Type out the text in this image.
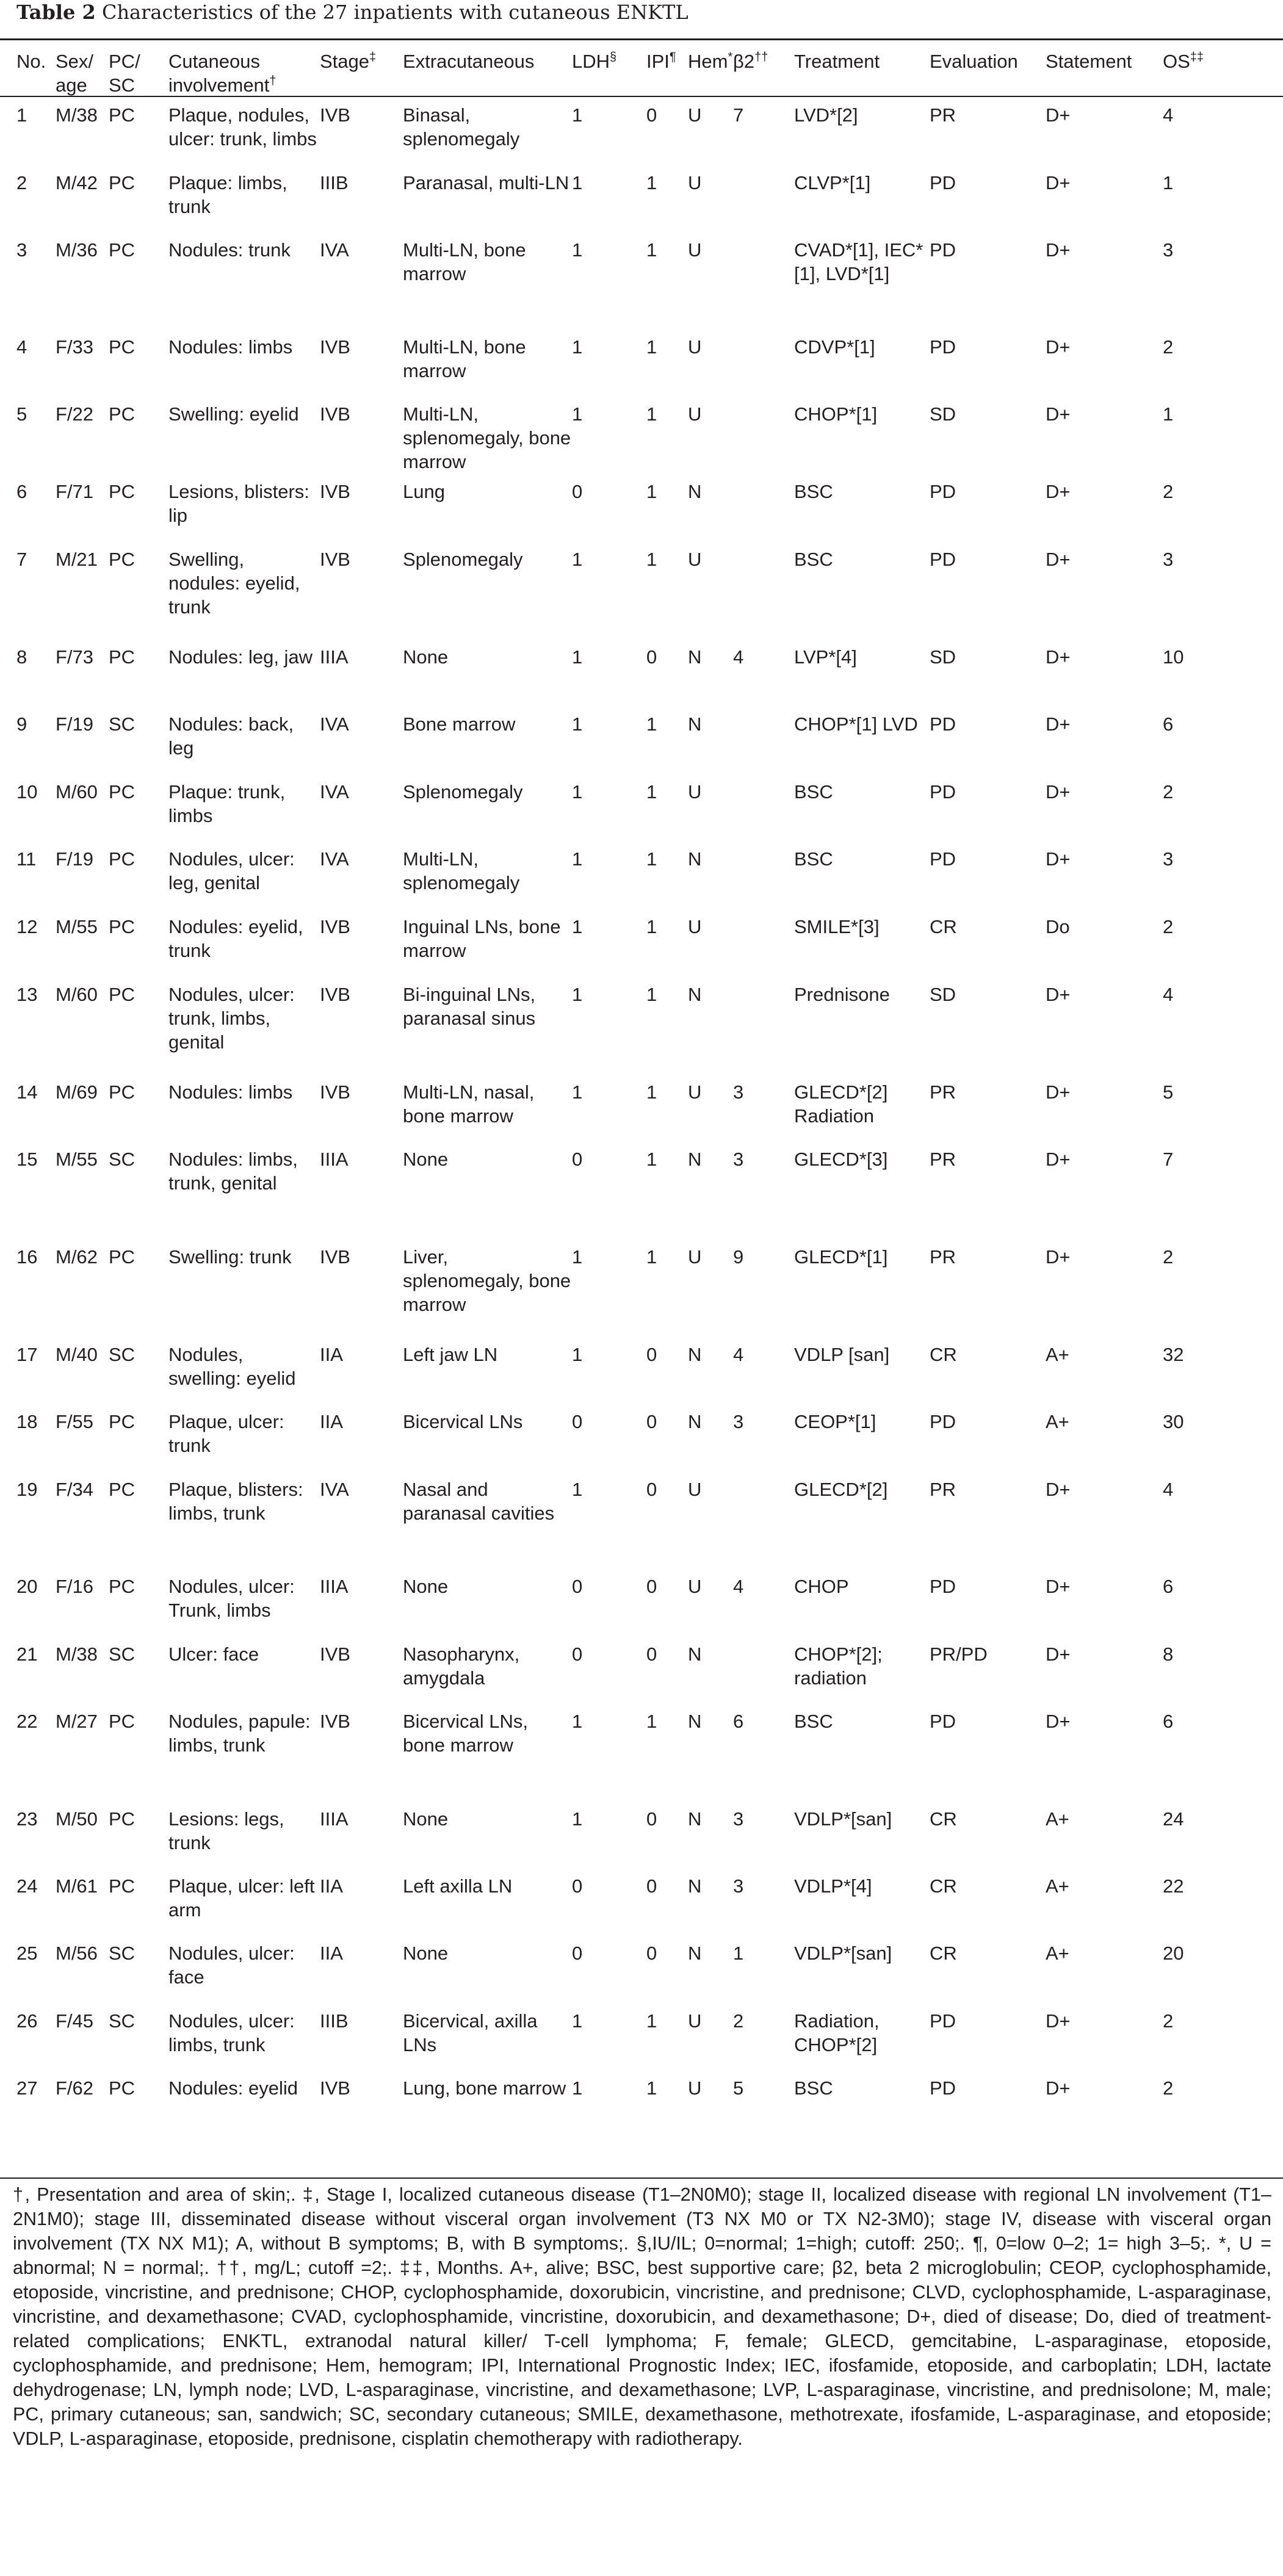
Table 2 Characteristics of the 27 inpatients with cutaneous ENKTL
No.	Sex/ age	PC/ SC	Cutaneous involvement†	Stage‡	Extracutaneous	LDH§	IPI¶	Hem*	β2††	Treatment	Evaluation	Statement	OS‡‡
1	M/38	PC	Plaque, nodules, ulcer: trunk, limbs	IVB	Binasal, splenomegaly	1	0	U	7	LVD*[2]	PR	D+	4
2	M/42	PC	Plaque: limbs, trunk	IIIB	Paranasal, multi-LN	1	1	U		CLVP*[1]	PD	D+	1
3	M/36	PC	Nodules: trunk	IVA	Multi-LN, bone marrow	1	1	U		CVAD*[1], IEC*[1], LVD*[1]	PD	D+	3
4	F/33	PC	Nodules: limbs	IVB	Multi-LN, bone marrow	1	1	U		CDVP*[1]	PD	D+	2
5	F/22	PC	Swelling: eyelid	IVB	Multi-LN, splenomegaly, bone marrow	1	1	U		CHOP*[1]	SD	D+	1
6	F/71	PC	Lesions, blisters: lip	IVB	Lung	0	1	N		BSC	PD	D+	2
7	M/21	PC	Swelling, nodules: eyelid, trunk	IVB	Splenomegaly	1	1	U		BSC	PD	D+	3
8	F/73	PC	Nodules: leg, jaw	IIIA	None	1	0	N	4	LVP*[4]	SD	D+	10
9	F/19	SC	Nodules: back, leg	IVA	Bone marrow	1	1	N		CHOP*[1] LVD	PD	D+	6
10	M/60	PC	Plaque: trunk, limbs	IVA	Splenomegaly	1	1	U		BSC	PD	D+	2
11	F/19	PC	Nodules, ulcer: leg, genital	IVA	Multi-LN, splenomegaly	1	1	N		BSC	PD	D+	3
12	M/55	PC	Nodules: eyelid, trunk	IVB	Inguinal LNs, bone marrow	1	1	U		SMILE*[3]	CR	Do	2
13	M/60	PC	Nodules, ulcer: trunk, limbs, genital	IVB	Bi-inguinal LNs, paranasal sinus	1	1	N		Prednisone	SD	D+	4
14	M/69	PC	Nodules: limbs	IVB	Multi-LN, nasal, bone marrow	1	1	U	3	GLECD*[2] Radiation	PR	D+	5
15	M/55	SC	Nodules: limbs, trunk, genital	IIIA	None	0	1	N	3	GLECD*[3]	PR	D+	7
16	M/62	PC	Swelling: trunk	IVB	Liver, splenomegaly, bone marrow	1	1	U	9	GLECD*[1]	PR	D+	2
17	M/40	SC	Nodules, swelling: eyelid	IIA	Left jaw LN	1	0	N	4	VDLP [san]	CR	A+	32
18	F/55	PC	Plaque, ulcer: trunk	IIA	Bicervical LNs	0	0	N	3	CEOP*[1]	PD	A+	30
19	F/34	PC	Plaque, blisters: limbs, trunk	IVA	Nasal and paranasal cavities	1	0	U		GLECD*[2]	PR	D+	4
20	F/16	PC	Nodules, ulcer: Trunk, limbs	IIIA	None	0	0	U	4	CHOP	PD	D+	6
21	M/38	SC	Ulcer: face	IVB	Nasopharynx, amygdala	0	0	N		CHOP*[2]; radiation	PR/PD	D+	8
22	M/27	PC	Nodules, papule: limbs, trunk	IVB	Bicervical LNs, bone marrow	1	1	N	6	BSC	PD	D+	6
23	M/50	PC	Lesions: legs, trunk	IIIA	None	1	0	N	3	VDLP*[san]	CR	A+	24
24	M/61	PC	Plaque, ulcer: left arm	IIA	Left axilla LN	0	0	N	3	VDLP*[4]	CR	A+	22
25	M/56	SC	Nodules, ulcer: face	IIA	None	0	0	N	1	VDLP*[san]	CR	A+	20
26	F/45	SC	Nodules, ulcer: limbs, trunk	IIIB	Bicervical, axilla LNs	1	1	U	2	Radiation, CHOP*[2]	PD	D+	2
27	F/62	PC	Nodules: eyelid	IVB	Lung, bone marrow	1	1	U	5	BSC	PD	D+	2
†, Presentation and area of skin;. ‡, Stage I, localized cutaneous disease (T1–2N0M0); stage II, localized disease with regional LN involvement (T1–2N1M0); stage III, disseminated disease without visceral organ involvement (T3 NX M0 or TX N2-3M0); stage IV, disease with visceral organ involvement (TX NX M1); A, without B symptoms; B, with B symptoms;. §,IU/IL; 0=normal; 1=high; cutoff: 250;. ¶, 0=low 0–2; 1= high 3–5;. *, U = abnormal; N = normal;. ††, mg/L; cutoff =2;. ‡‡, Months. A+, alive; BSC, best supportive care; β2, beta 2 microglobulin; CEOP, cyclophosphamide, etoposide, vincristine, and prednisone; CHOP, cyclophosphamide, doxorubicin, vincristine, and prednisone; CLVD, cyclophosphamide, L-asparaginase, vincristine, and dexamethasone; CVAD, cyclophosphamide, vincristine, doxorubicin, and dexamethasone; D+, died of disease; Do, died of treatment-related complications; ENKTL, extranodal natural killer/ T-cell lymphoma; F, female; GLECD, gemcitabine, L-asparaginase, etoposide, cyclophosphamide, and prednisone; Hem, hemogram; IPI, International Prognostic Index; IEC, ifosfamide, etoposide, and carboplatin; LDH, lactate dehydrogenase; LN, lymph node; LVD, L-asparaginase, vincristine, and dexamethasone; LVP, L-asparaginase, vincristine, and prednisolone; M, male; PC, primary cutaneous; san, sandwich; SC, secondary cutaneous; SMILE, dexamethasone, methotrexate, ifosfamide, L-asparaginase, and etoposide; VDLP, L-asparaginase, etoposide, prednisone, cisplatin chemotherapy with radiotherapy.
